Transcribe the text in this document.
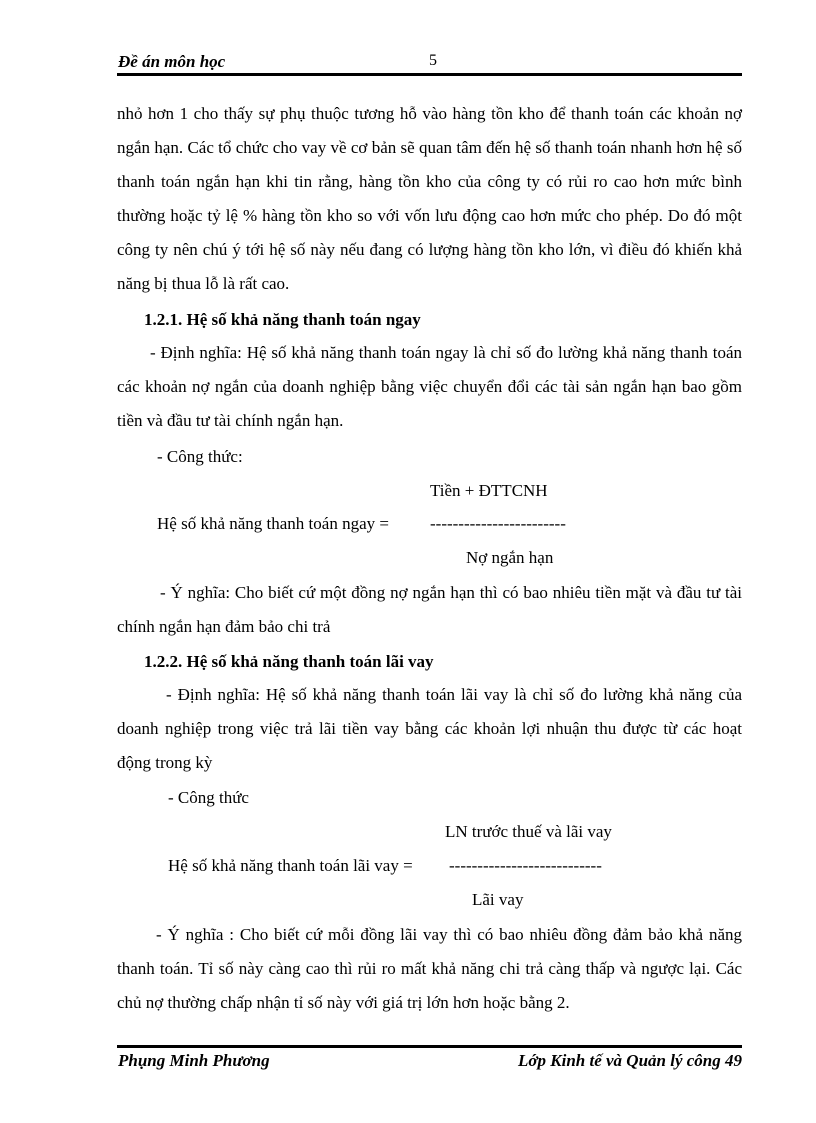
Đề án môn học	5

nhỏ hơn 1 cho thấy sự phụ thuộc tương hỗ vào hàng tồn kho để thanh toán các khoản nợ ngắn hạn. Các tổ chức cho vay về cơ bản sẽ quan tâm đến hệ số thanh toán nhanh hơn hệ số thanh toán ngắn hạn khi tin rằng, hàng tồn kho của công ty có rủi ro cao hơn mức bình thường hoặc tỷ lệ % hàng tồn kho so với vốn lưu động cao hơn mức cho phép. Do đó một công ty nên chú ý tới hệ số này nếu đang có lượng hàng tồn kho lớn, vì điều đó khiến khả năng bị thua lỗ là rất cao.

1.2.1. Hệ số khả năng thanh toán ngay

- Định nghĩa: Hệ số khả năng thanh toán ngay là chỉ số đo lường khả năng thanh toán các khoản nợ ngắn của doanh nghiệp bằng việc chuyển đổi các tài sản ngắn hạn bao gồm tiền và đầu tư tài chính ngắn hạn.

- Công thức:
Tiền + ĐTTCNH
Hệ số khả năng thanh toán ngay = ------------------------
Nợ ngắn hạn

- Ý nghĩa: Cho biết cứ một đồng nợ ngắn hạn thì có bao nhiêu tiền mặt và đầu tư tài chính ngắn hạn đảm bảo chi trả

1.2.2. Hệ số khả năng thanh toán lãi vay

- Định nghĩa: Hệ số khả năng thanh toán lãi vay là chỉ số đo lường khả năng của doanh nghiệp trong việc trả lãi tiền vay bằng các khoản lợi nhuận thu được từ các hoạt động trong kỳ

- Công thức
LN trước thuế và lãi vay
Hệ số khả năng thanh toán lãi vay = ---------------------------
Lãi vay

- Ý nghĩa : Cho biết cứ mỗi đồng lãi vay thì có bao nhiêu đồng đảm bảo khả năng thanh toán. Tỉ số này càng cao thì rủi ro mất khả năng chi trả càng thấp và ngược lại. Các chủ nợ thường chấp nhận tỉ số này với giá trị lớn hơn hoặc bằng 2.

Phụng Minh Phương	Lớp Kinh tế và Quản lý công 49
